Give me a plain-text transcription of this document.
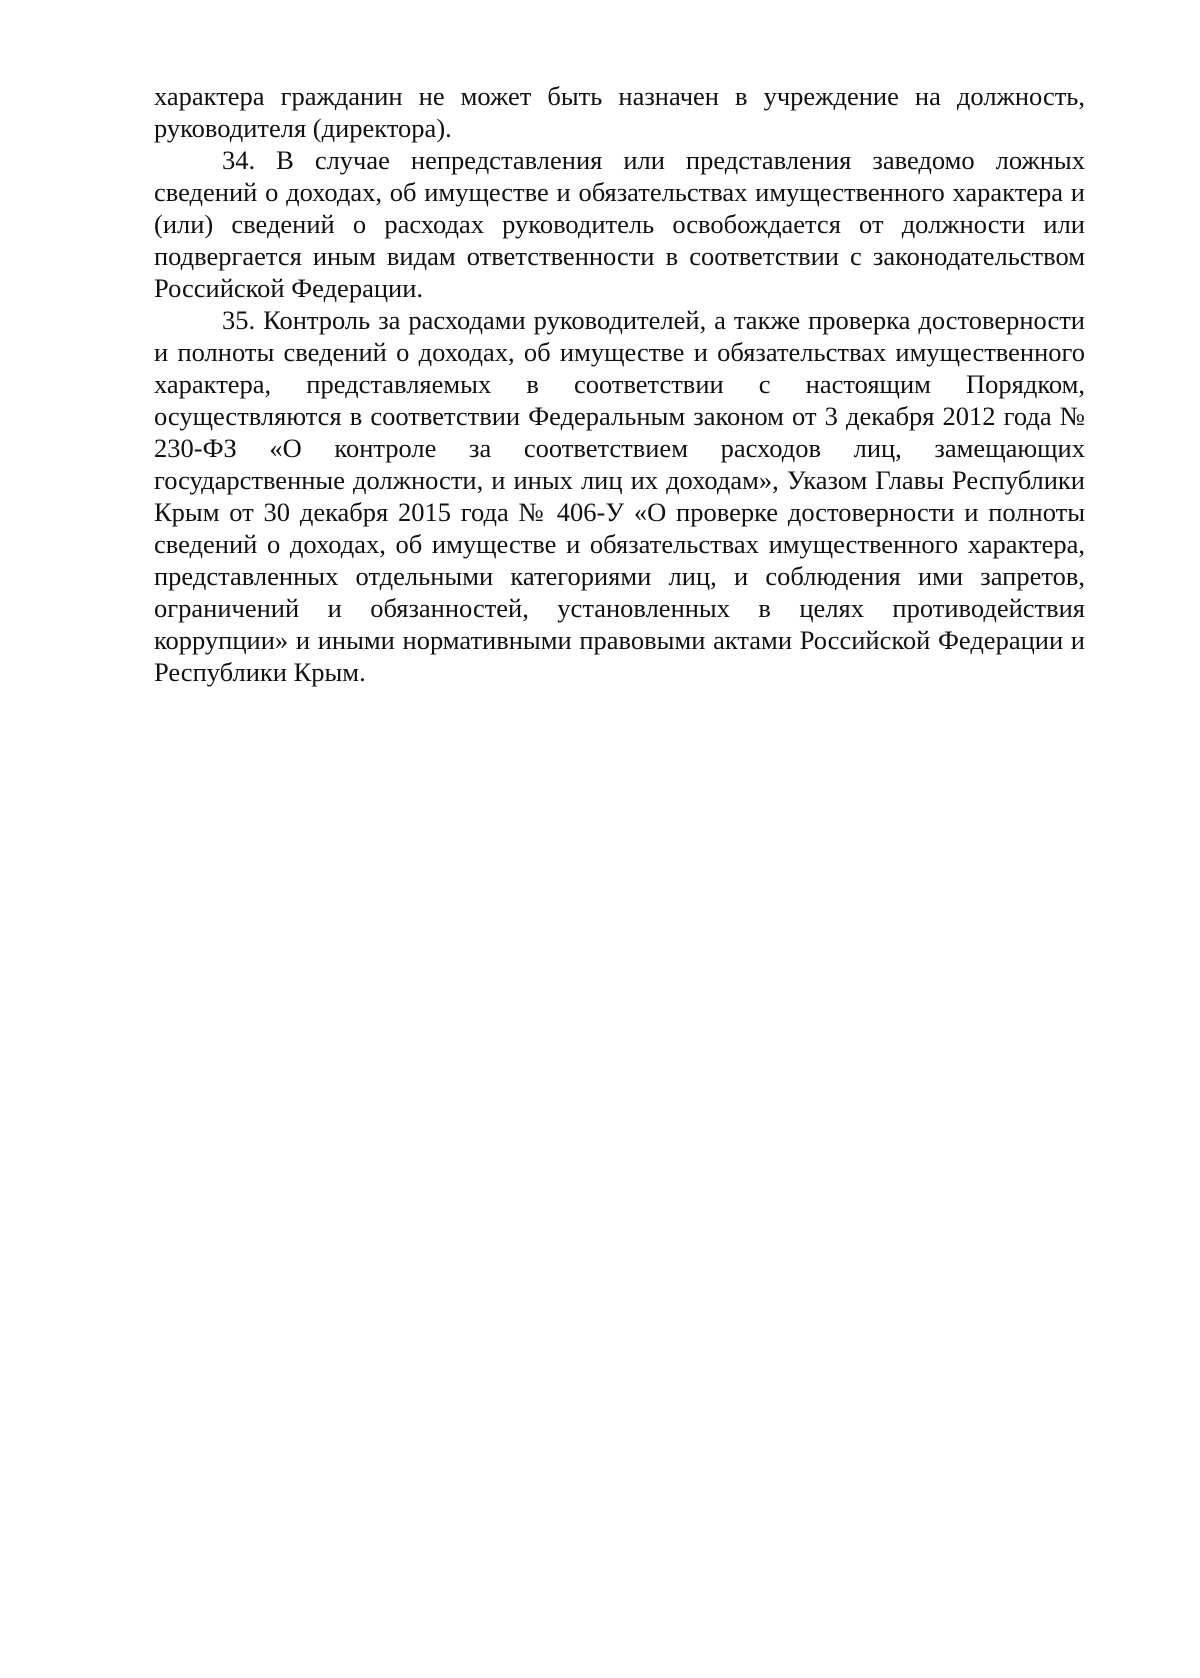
характера гражданин не может быть назначен в учреждение на должность, руководителя (директора).

34. В случае непредставления или представления заведомо ложных сведений о доходах, об имуществе и обязательствах имущественного характера и (или) сведений о расходах руководитель освобождается от должности или подвергается иным видам ответственности в соответствии с законодательством Российской Федерации.

35. Контроль за расходами руководителей, а также проверка достоверности и полноты сведений о доходах, об имуществе и обязательствах имущественного характера, представляемых в соответствии с настоящим Порядком, осуществляются в соответствии Федеральным законом от 3 декабря 2012 года № 230-ФЗ «О контроле за соответствием расходов лиц, замещающих государственные должности, и иных лиц их доходам», Указом Главы Республики Крым от 30 декабря 2015 года № 406-У «О проверке достоверности и полноты сведений о доходах, об имуществе и обязательствах имущественного характера, представленных отдельными категориями лиц, и соблюдения ими запретов, ограничений и обязанностей, установленных в целях противодействия коррупции» и иными нормативными правовыми актами Российской Федерации и Республики Крым.
